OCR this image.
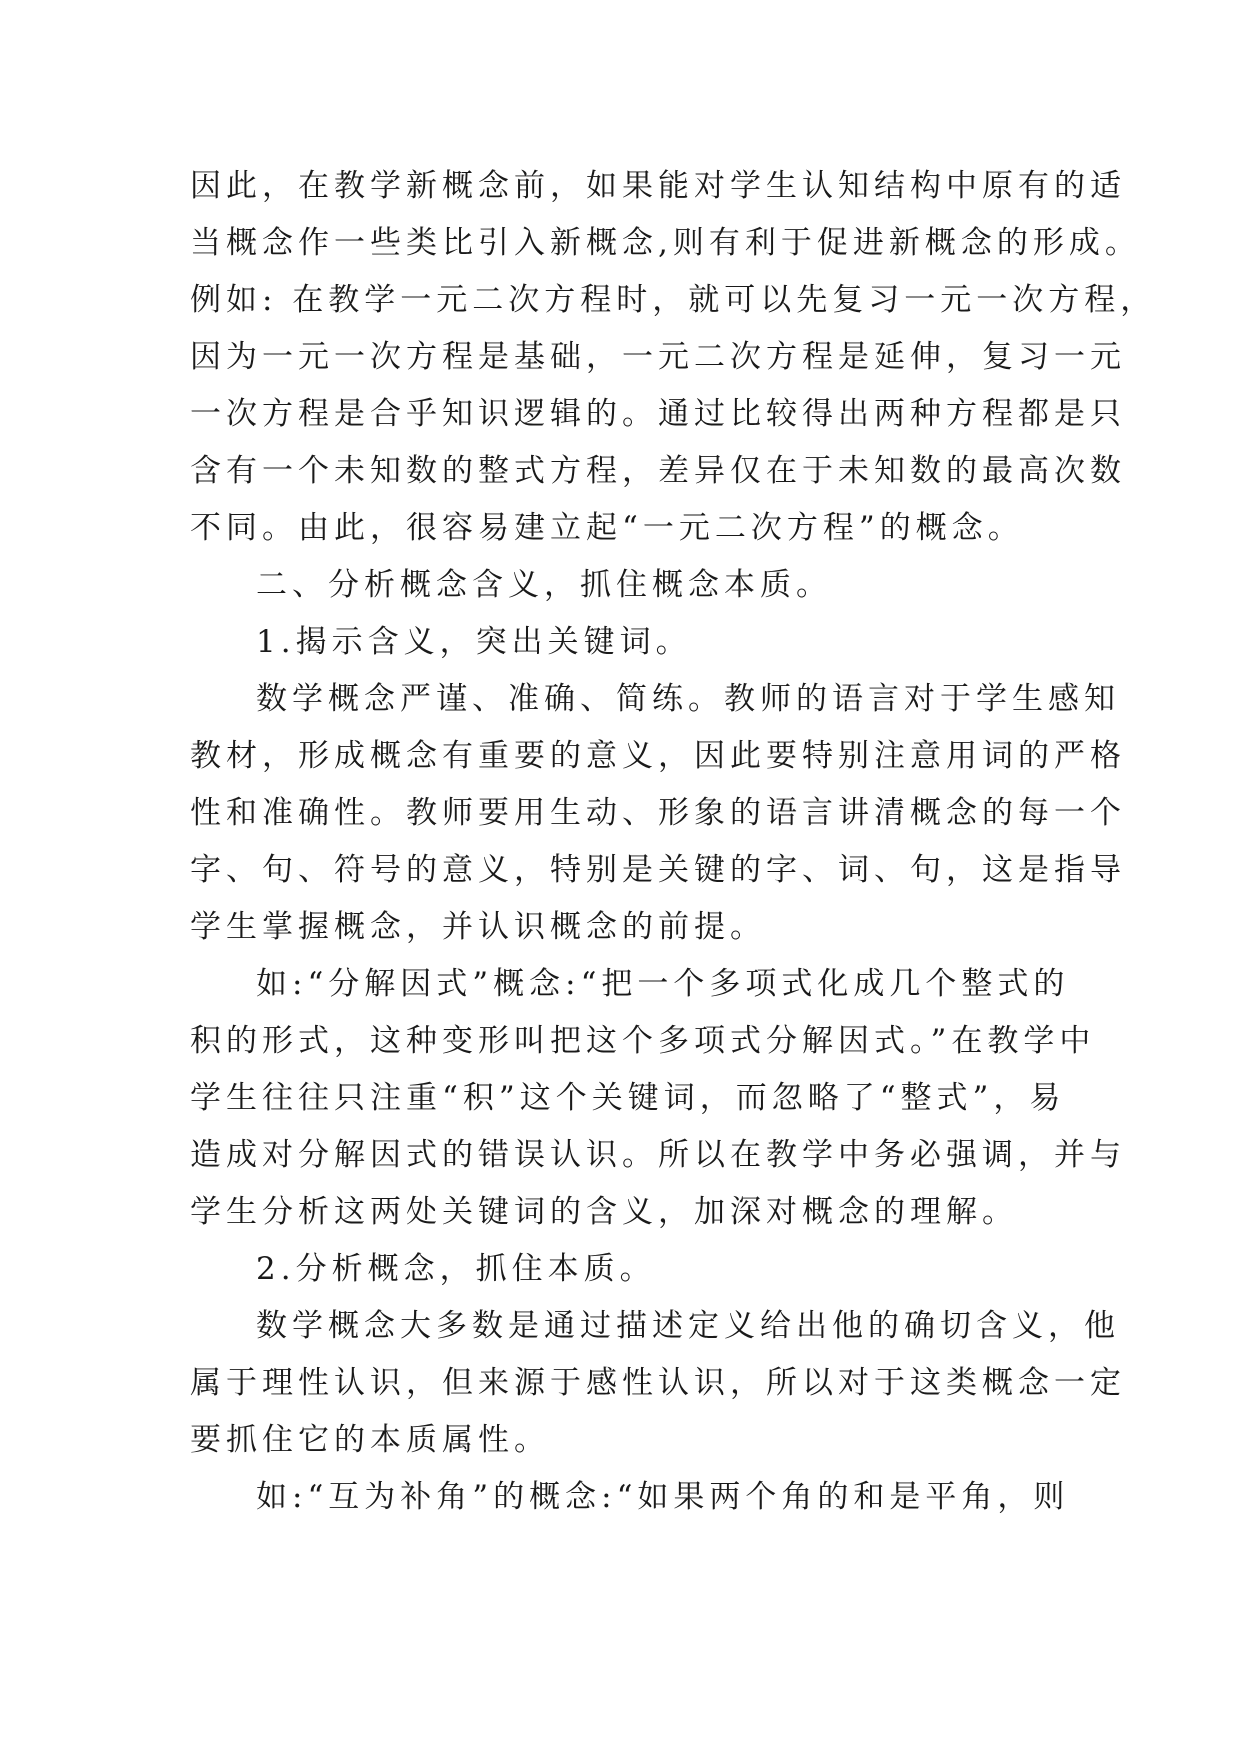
因此，在教学新概念前，如果能对学生认知结构中原有的适
当概念作一些类比引入新概念,则有利于促进新概念的形成。
例如: 在教学一元二次方程时，就可以先复习一元一次方程，
因为一元一次方程是基础，一元二次方程是延伸，复习一元
一次方程是合乎知识逻辑的。通过比较得出两种方程都是只
含有一个未知数的整式方程，差异仅在于未知数的最高次数
不同。由此，很容易建立起“一元二次方程”的概念。
二、分析概念含义，抓住概念本质。
1.揭示含义，突出关键词。
数学概念严谨、准确、简练。教师的语言对于学生感知
教材，形成概念有重要的意义，因此要特别注意用词的严格
性和准确性。教师要用生动、形象的语言讲清概念的每一个
字、句、符号的意义，特别是关键的字、词、句，这是指导
学生掌握概念，并认识概念的前提。
如:“分解因式”概念:“把一个多项式化成几个整式的
积的形式，这种变形叫把这个多项式分解因式。”在教学中
学生往往只注重“积”这个关键词，而忽略了“整式”，易
造成对分解因式的错误认识。所以在教学中务必强调，并与
学生分析这两处关键词的含义，加深对概念的理解。
2.分析概念，抓住本质。
数学概念大多数是通过描述定义给出他的确切含义，他
属于理性认识，但来源于感性认识，所以对于这类概念一定
要抓住它的本质属性。
如:“互为补角”的概念:“如果两个角的和是平角，则
